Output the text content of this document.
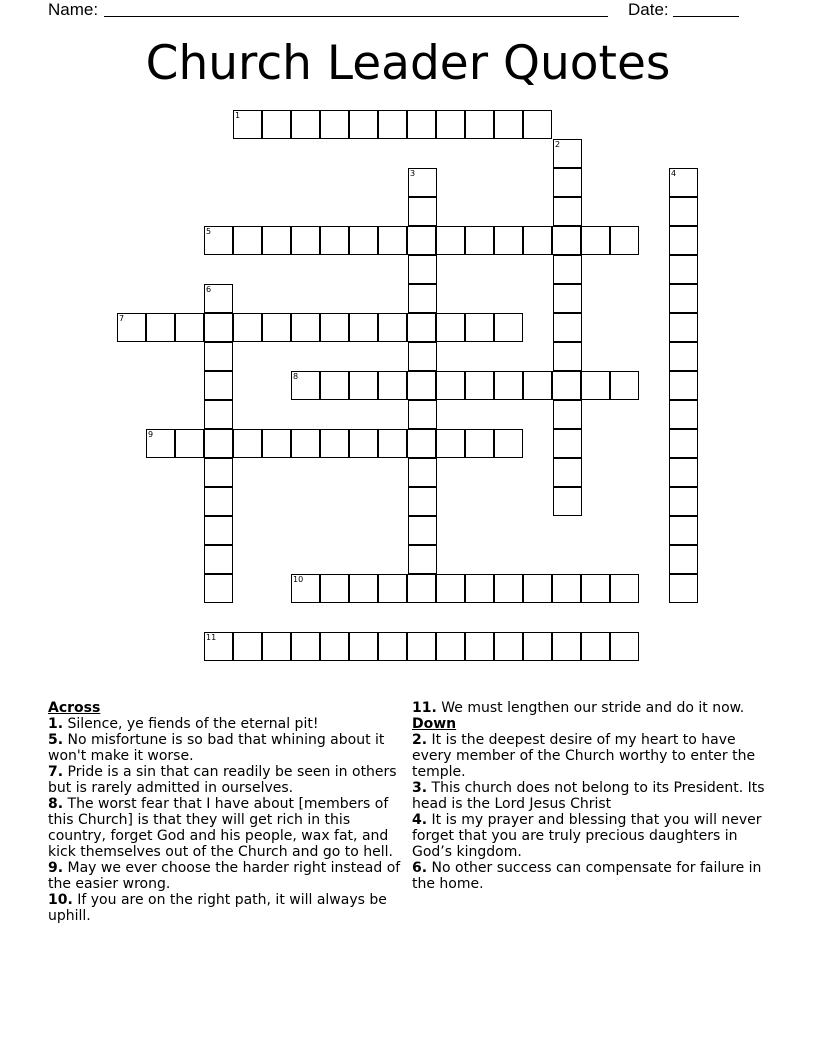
Name:	Date:
Church Leader Quotes
1
2
3	4
5
6
7
8
9
10
11
Across
1. Silence, ye fiends of the eternal pit!
5. No misfortune is so bad that whining about it won't make it worse.
7. Pride is a sin that can readily be seen in others but is rarely admitted in ourselves.
8. The worst fear that I have about [members of this Church] is that they will get rich in this country, forget God and his people, wax fat, and kick themselves out of the Church and go to hell.
9. May we ever choose the harder right instead of the easier wrong.
10. If you are on the right path, it will always be uphill.
11. We must lengthen our stride and do it now.
Down
2. It is the deepest desire of my heart to have every member of the Church worthy to enter the temple.
3. This church does not belong to its President. Its head is the Lord Jesus Christ
4. It is my prayer and blessing that you will never forget that you are truly precious daughters in God’s kingdom.
6. No other success can compensate for failure in the home.
